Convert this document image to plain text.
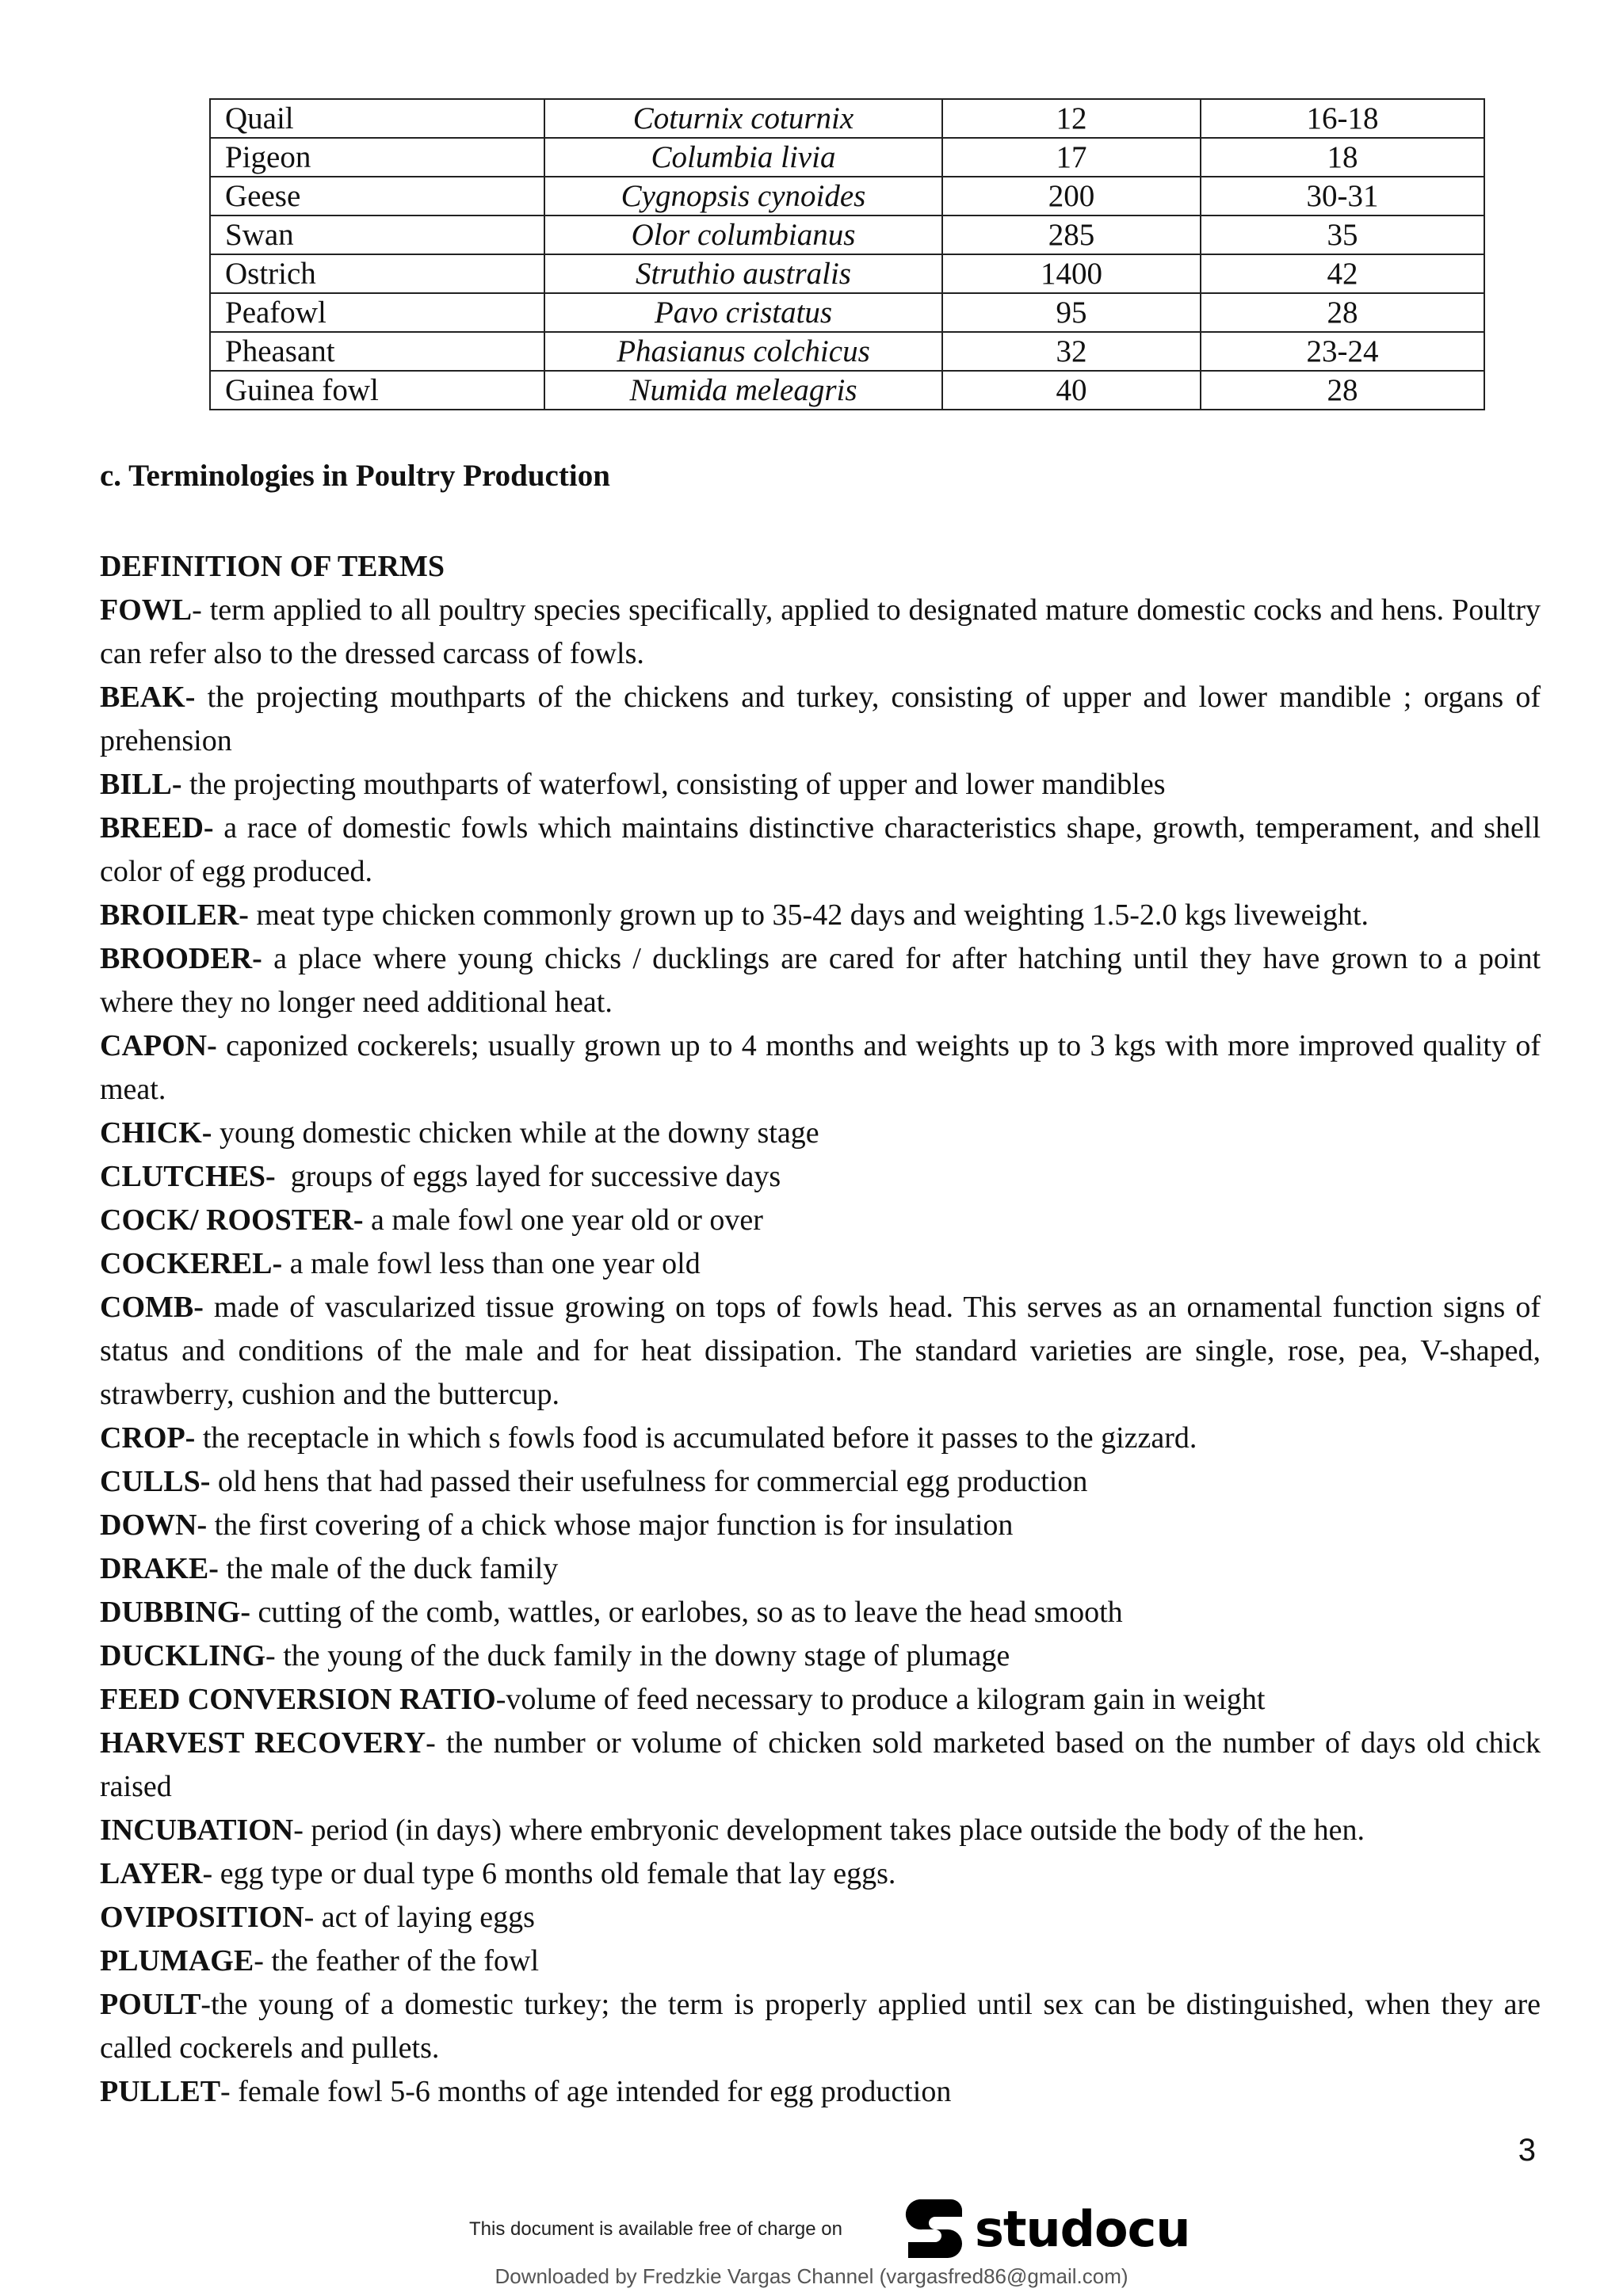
Quail	Coturnix coturnix	12	16-18
Pigeon	Columbia livia	17	18
Geese	Cygnopsis cynoides	200	30-31
Swan	Olor columbianus	285	35
Ostrich	Struthio australis	1400	42
Peafowl	Pavo cristatus	95	28
Pheasant	Phasianus colchicus	32	23-24
Guinea fowl	Numida meleagris	40	28
c. Terminologies in Poultry Production
DEFINITION OF TERMS

FOWL- term applied to all poultry species specifically, applied to designated mature domestic cocks and hens. Poultry can refer also to the dressed carcass of fowls.

BEAK- the projecting mouthparts of the chickens and turkey, consisting of upper and lower mandible ; organs of prehension

BILL- the projecting mouthparts of waterfowl, consisting of upper and lower mandibles

BREED- a race of domestic fowls which maintains distinctive characteristics shape, growth, temperament, and shell color of egg produced.

BROILER- meat type chicken commonly grown up to 35-42 days and weighting 1.5-2.0 kgs liveweight.

BROODER- a place where young chicks / ducklings are cared for after hatching until they have grown to a point where they no longer need additional heat.

CAPON- caponized cockerels; usually grown up to 4 months and weights up to 3 kgs with more improved quality of meat.

CHICK- young domestic chicken while at the downy stage

CLUTCHES- groups of eggs layed for successive days

COCK/ ROOSTER- a male fowl one year old or over

COCKEREL- a male fowl less than one year old

COMB- made of vascularized tissue growing on tops of fowls head. This serves as an ornamental function signs of status and conditions of the male and for heat dissipation. The standard varieties are single, rose, pea, V-shaped, strawberry, cushion and the buttercup.

CROP- the receptacle in which s fowls food is accumulated before it passes to the gizzard.

CULLS- old hens that had passed their usefulness for commercial egg production

DOWN- the first covering of a chick whose major function is for insulation

DRAKE- the male of the duck family

DUBBING- cutting of the comb, wattles, or earlobes, so as to leave the head smooth

DUCKLING- the young of the duck family in the downy stage of plumage

FEED CONVERSION RATIO-volume of feed necessary to produce a kilogram gain in weight

HARVEST RECOVERY- the number or volume of chicken sold marketed based on the number of days old chick raised

INCUBATION- period (in days) where embryonic development takes place outside the body of the hen.

LAYER- egg type or dual type 6 months old female that lay eggs.

OVIPOSITION- act of laying eggs

PLUMAGE- the feather of the fowl

POULT-the young of a domestic turkey; the term is properly applied until sex can be distinguished, when they are called cockerels and pullets.

PULLET- female fowl 5-6 months of age intended for egg production

3
This document is available free of charge on	studocu
Downloaded by Fredzkie Vargas Channel (vargasfred86@gmail.com)
